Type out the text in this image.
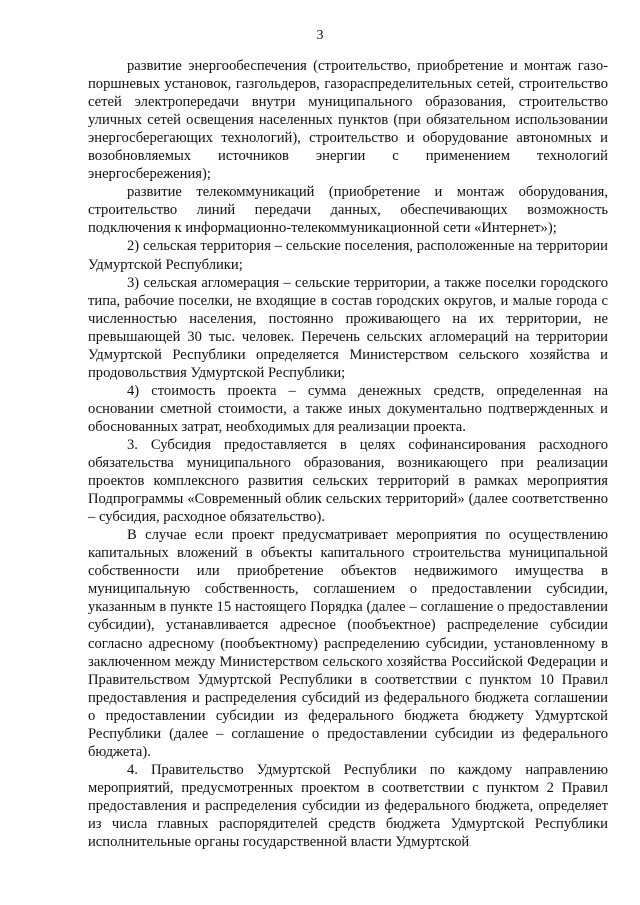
3

развитие энергообеспечения (строительство, приобретение и монтаж газо-поршневых установок, газгольдеров, газораспределительных сетей, строительство сетей электропередачи внутри муниципального образования, строительство уличных сетей освещения населенных пунктов (при обязательном использовании энергосберегающих технологий), строительство и оборудование автономных и возобновляемых источников энергии с применением технологий энергосбережения);

развитие телекоммуникаций (приобретение и монтаж оборудования, строительство линий передачи данных, обеспечивающих возможность подключения к информационно-телекоммуникационной сети «Интернет»);

2) сельская территория – сельские поселения, расположенные на территории Удмуртской Республики;

3) сельская агломерация – сельские территории, а также поселки городского типа, рабочие поселки, не входящие в состав городских округов, и малые города с численностью населения, постоянно проживающего на их территории, не превышающей 30 тыс. человек. Перечень сельских агломераций на территории Удмуртской Республики определяется Министерством сельского хозяйства и продовольствия Удмуртской Республики;

4) стоимость проекта – сумма денежных средств, определенная на основании сметной стоимости, а также иных документально подтвержденных и обоснованных затрат, необходимых для реализации проекта.

3. Субсидия предоставляется в целях софинансирования расходного обязательства муниципального образования, возникающего при реализации проектов комплексного развития сельских территорий в рамках мероприятия Подпрограммы «Современный облик сельских территорий» (далее соответственно – субсидия, расходное обязательство).

В случае если проект предусматривает мероприятия по осуществлению капитальных вложений в объекты капитального строительства муниципальной собственности или приобретение объектов недвижимого имущества в муниципальную собственность, соглашением о предоставлении субсидии, указанным в пункте 15 настоящего Порядка (далее – соглашение о предоставлении субсидии), устанавливается адресное (пообъектное) распределение субсидии согласно адресному (пообъектному) распределению субсидии, установленному в заключенном между Министерством сельского хозяйства Российской Федерации и Правительством Удмуртской Республики в соответствии с пунктом 10 Правил предоставления и распределения субсидий из федерального бюджета соглашении о предоставлении субсидии из федерального бюджета бюджету Удмуртской Республики (далее – соглашение о предоставлении субсидии из федерального бюджета).

4. Правительство Удмуртской Республики по каждому направлению мероприятий, предусмотренных проектом в соответствии с пунктом 2 Правил предоставления и распределения субсидии из федерального бюджета, определяет из числа главных распорядителей средств бюджета Удмуртской Республики исполнительные органы государственной власти Удмуртской
